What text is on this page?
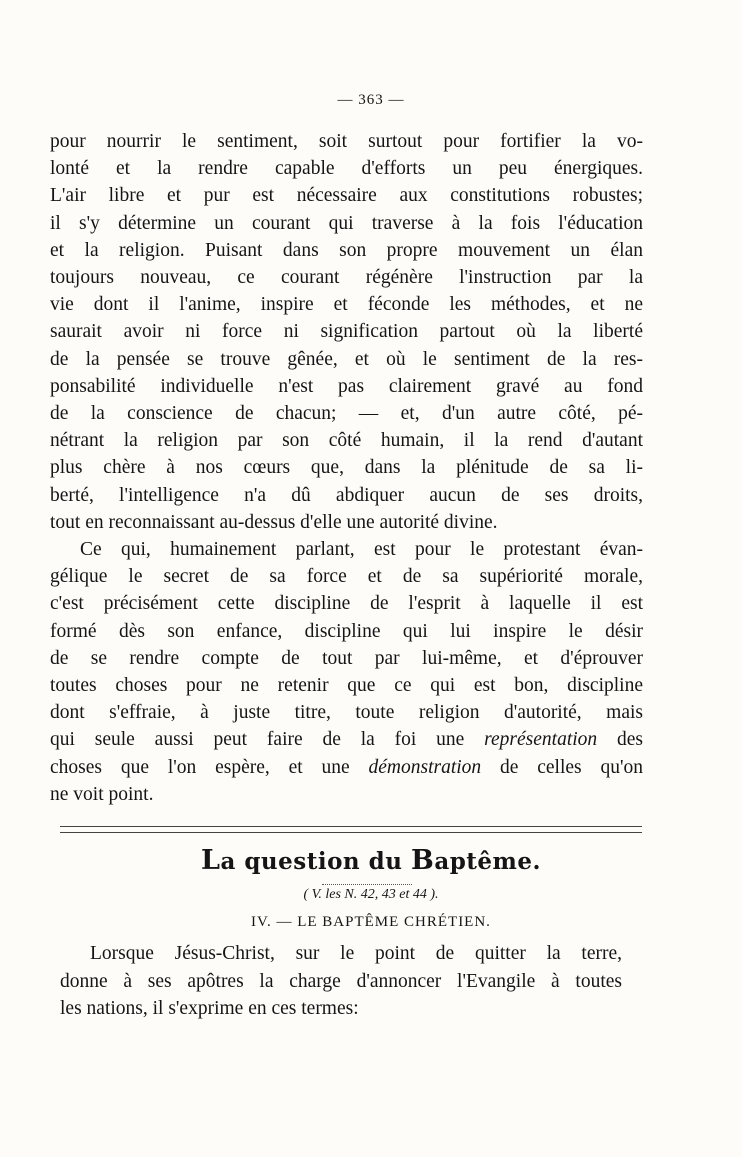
— 363 —
pour nourrir le sentiment, soit surtout pour fortifier la vo-
lonté et la rendre capable d'efforts un peu énergiques.
L'air libre et pur est nécessaire aux constitutions robustes;
il s'y détermine un courant qui traverse à la fois l'éducation
et la religion. Puisant dans son propre mouvement un élan
toujours nouveau, ce courant régénère l'instruction par la
vie dont il l'anime, inspire et féconde les méthodes, et ne
saurait avoir ni force ni signification partout où la liberté
de la pensée se trouve gênée, et où le sentiment de la res-
ponsabilité individuelle n'est pas clairement gravé au fond
de la conscience de chacun; — et, d'un autre côté, pé-
nétrant la religion par son côté humain, il la rend d'autant
plus chère à nos cœurs que, dans la plénitude de sa li-
berté, l'intelligence n'a dû abdiquer aucun de ses droits,
tout en reconnaissant au-dessus d'elle une autorité divine.
Ce qui, humainement parlant, est pour le protestant évan-
gélique le secret de sa force et de sa supériorité morale,
c'est précisément cette discipline de l'esprit à laquelle il est
formé dès son enfance, discipline qui lui inspire le désir
de se rendre compte de tout par lui-même, et d'éprouver
toutes choses pour ne retenir que ce qui est bon, discipline
dont s'effraie, à juste titre, toute religion d'autorité, mais
qui seule aussi peut faire de la foi une représentation des
choses que l'on espère, et une démonstration de celles qu'on
ne voit point.
La question du Baptême.
( V. les N. 42, 43 et 44 ).
IV. — LE BAPTÊME CHRÉTIEN.
Lorsque Jésus-Christ, sur le point de quitter la terre,
donne à ses apôtres la charge d'annoncer l'Evangile à toutes
les nations, il s'exprime en ces termes:
